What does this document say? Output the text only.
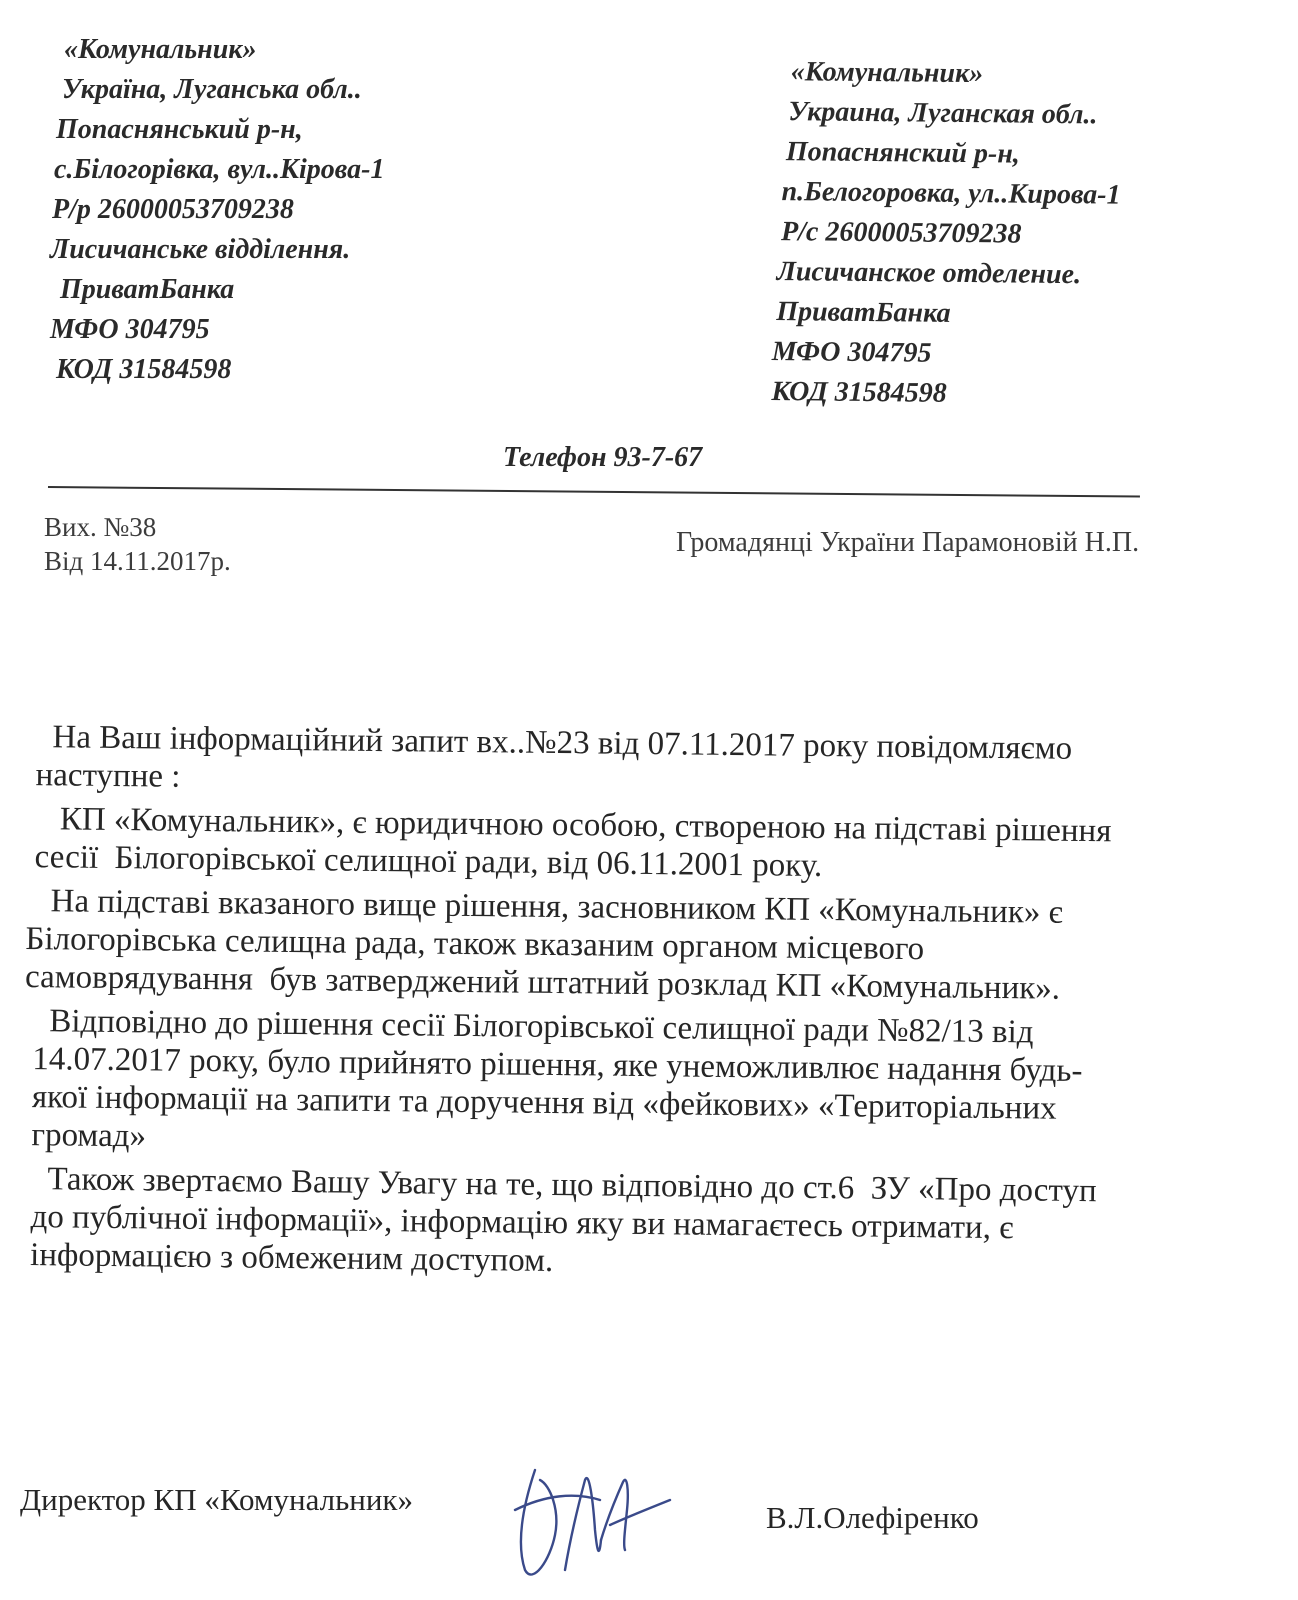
«Комунальник»
Україна, Луганська обл..
Попаснянський р-н,
с.Білогорівка, вул..Кірова-1
Р/р 26000053709238
Лисичанське відділення.
ПриватБанка
МФО 304795
КОД 31584598
«Комунальник»
Украина, Луганская обл..
Попаснянский р-н,
п.Белогоровка, ул..Кирова-1
Р/с 26000053709238
Лисичанское отделение.
ПриватБанка
МФО 304795
КОД 31584598
Телефон 93-7-67
Вих. №38
Від 14.11.2017р.
Громадянці України Парамоновій Н.П.

На Ваш інформаційний запит вх..№23 від 07.11.2017 року повідомляємо

наступне :

КП «Комунальник», є юридичною особою, створеною на підставі рішення

сесії  Білогорівської селищної ради, від 06.11.2001 року.

На підставі вказаного вище рішення, засновником КП «Комунальник» є

Білогорівська селищна рада, також вказаним органом місцевого

самоврядування  був затверджений штатний розклад КП «Комунальник».

Відповідно до рішення сесії Білогорівської селищної ради №82/13 від

14.07.2017 року, було прийнято рішення, яке унеможливлює надання будь-

якої інформації на запити та доручення від «фейкових» «Територіальних

громад»

Також звертаємо Вашу Увагу на те, що відповідно до ст.6  ЗУ «Про доступ

до публічної інформації», інформацію яку ви намагаєтесь отримати, є

інформацією з обмеженим доступом.

Директор КП «Комунальник»
В.Л.Олефіренко
